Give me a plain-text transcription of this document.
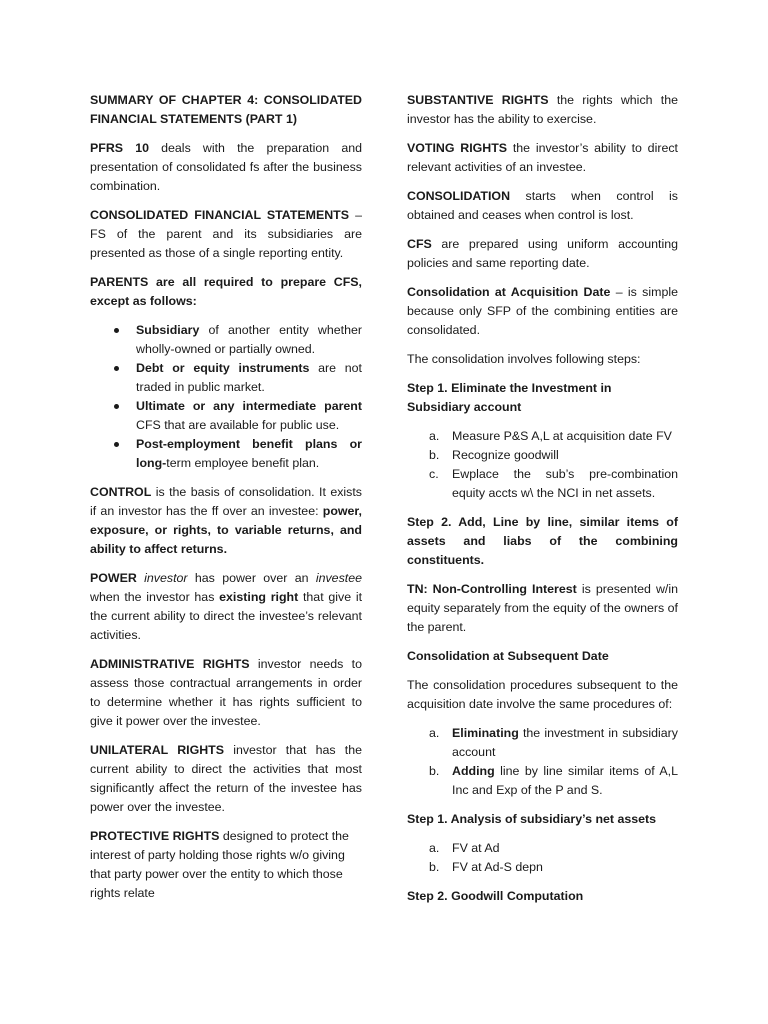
SUMMARY OF CHAPTER 4: CONSOLIDATED FINANCIAL STATEMENTS (PART 1)

PFRS 10 deals with the preparation and presentation of consolidated fs after the business combination.

CONSOLIDATED FINANCIAL STATEMENTS – FS of the parent and its subsidiaries are presented as those of a single reporting entity.

PARENTS are all required to prepare CFS, except as follows:

Subsidiary of another entity whether wholly-owned or partially owned.
Debt or equity instruments are not traded in public market.
Ultimate or any intermediate parent CFS that are available for public use.
Post-employment benefit plans or long-term employee benefit plan.

CONTROL is the basis of consolidation. It exists if an investor has the ff over an investee: power, exposure, or rights, to variable returns, and ability to affect returns.

POWER investor has power over an investee when the investor has existing right that give it the current ability to direct the investee’s relevant activities.

ADMINISTRATIVE RIGHTS investor needs to assess those contractual arrangements in order to determine whether it has rights sufficient to give it power over the investee.

UNILATERAL RIGHTS investor that has the current ability to direct the activities that most significantly affect the return of the investee has power over the investee.

PROTECTIVE RIGHTS designed to protect the interest of party holding those rights w/o giving that party power over the entity to which those rights relate

SUBSTANTIVE RIGHTS the rights which the investor has the ability to exercise.

VOTING RIGHTS the investor’s ability to direct relevant activities of an investee.

CONSOLIDATION starts when control is obtained and ceases when control is lost.

CFS are prepared using uniform accounting policies and same reporting date.

Consolidation at Acquisition Date – is simple because only SFP of the combining entities are consolidated.

The consolidation involves following steps:

Step 1. Eliminate the Investment in Subsidiary account

a. Measure P&S A,L at acquisition date FV
b. Recognize goodwill
c. Ewplace the sub’s pre-combination equity accts w\ the NCI in net assets.

Step 2. Add, Line by line, similar items of assets and liabs of the combining constituents.

TN: Non-Controlling Interest is presented w/in equity separately from the equity of the owners of the parent.

Consolidation at Subsequent Date

The consolidation procedures subsequent to the acquisition date involve the same procedures of:

a. Eliminating the investment in subsidiary account
b. Adding line by line similar items of A,L Inc and Exp of the P and S.

Step 1. Analysis of subsidiary’s net assets

a. FV at Ad
b. FV at Ad-S depn

Step 2. Goodwill Computation
